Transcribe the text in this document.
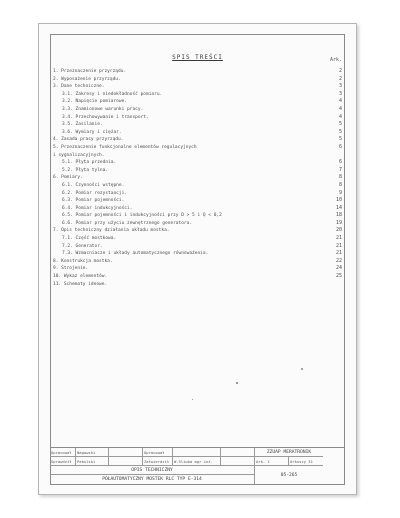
SPIS TREŚCI	Ark.
1. Przeznaczenie przyrządu.	2
2. Wyposażenie przyrządu.	2
3. Dane techniczne.	3
3.1. Zakresy i niedokładność pomiaru.	3
3.2. Napięcie pomiarowe.	4
3.3. Znamionowe warunki pracy.	4
3.4. Przechowywanie i transport.	4
3.5. Zasilanie.	5
3.6. Wymiary i ciężar.	5
4. Zasada pracy przyrządu.	5
5. Przeznaczenie funkcjonalne elementów regulacyjnych	6
i sygnalizacyjnych.
5.1. Płyta przednia.	6
5.2. Płyta tylna.	7
6. Pomiary.	8
6.1. Czynności wstępne.	8
6.2. Pomiar rezystancji.	9
6.3. Pomiar pojemności.	10
6.4. Pomiar indukcyjności.	14
6.5. Pomiar pojemności i indukcyjności przy D > 5 i Q < 0,2	18
6.6. Pomiar przy użyciu zewnętrznego generatora.	19
7. Opis techniczny działania układu mostka.	20
7.1. Część mostkowa.	21
7.2. Generator.	21
7.3. Wzmacniacze i układy automatycznego równoważenia.	21
8. Konstrukcja mostka.	22
9. Strojenie.	24
10. Wykaz elementów.	25
11. Schematy ideowe.
Opracował	Nagowski	Opracował	ZZUAP MERATRONIK
Sprawdził	Pakulski	Zatwierdził	W.Śliwka mgr inż.	Ark. 1	Arkuszy 31
OPIS TECHNICZNY
PÓŁAUTOMATYCZNY MOSTEK RLC TYP E-314
05-265
